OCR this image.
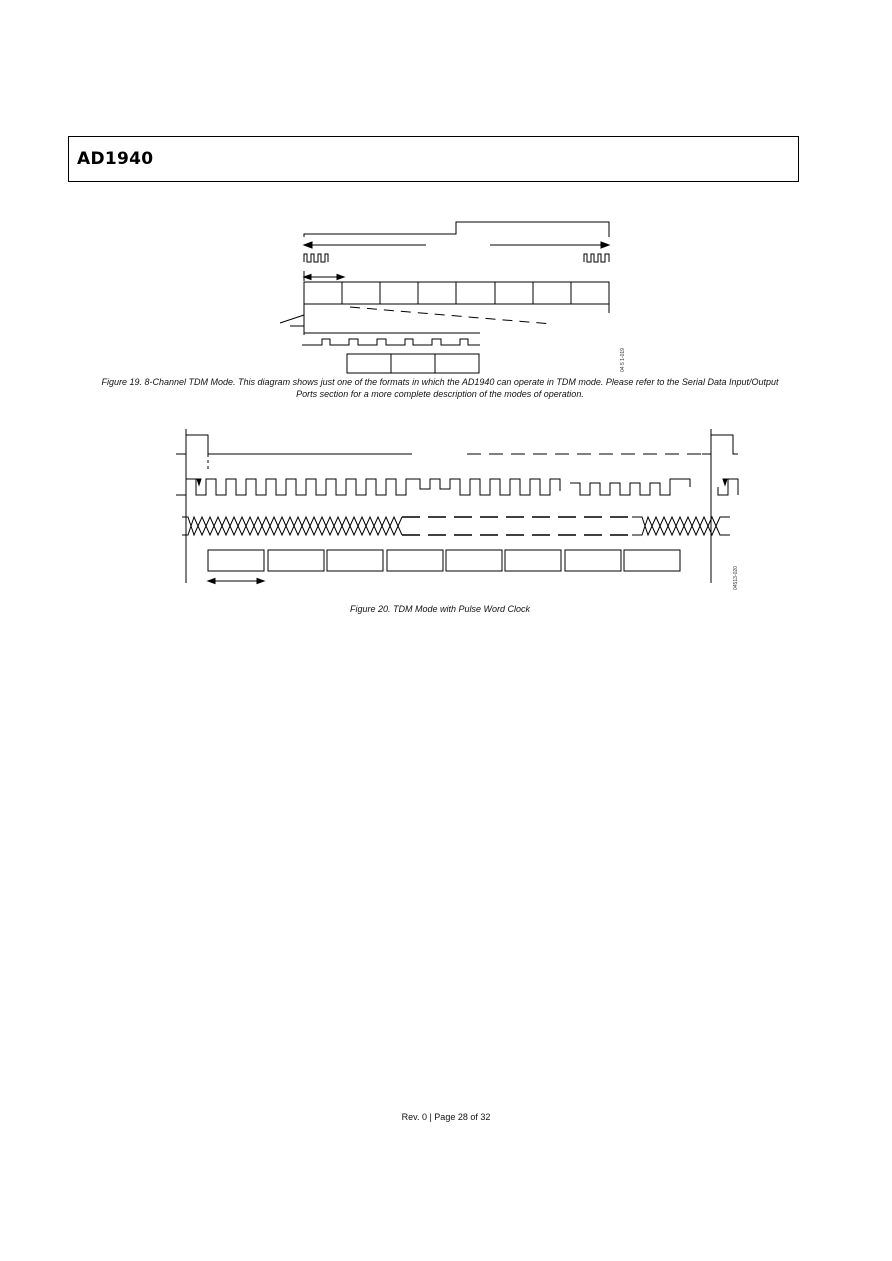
AD1940
04 5 1-019
Figure 19. 8-Channel TDM Mode. This diagram shows just one of the formats in which the AD1940 can operate in TDM mode. Please refer to the Serial Data Input/Output Ports section for a more complete description of the modes of operation.
04513-020
Figure 20. TDM Mode with Pulse Word Clock
Rev. 0 | Page 28 of 32
